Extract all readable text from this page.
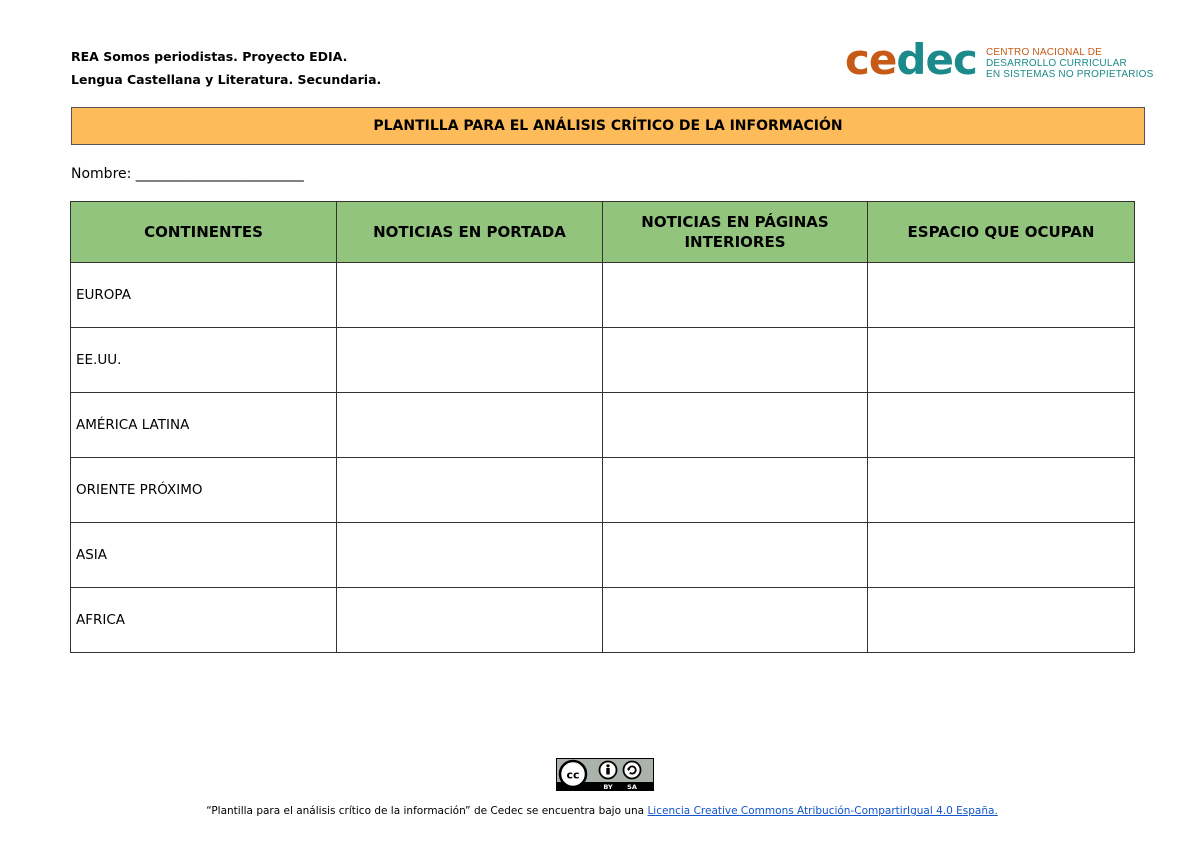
REA Somos periodistas. Proyecto EDIA.
Lengua Castellana y Literatura. Secundaria.	cedec CENTRO NACIONAL DE
DESARROLLO CURRICULAR
EN SISTEMAS NO PROPIETARIOS
PLANTILLA PARA EL ANÁLISIS CRÍTICO DE LA INFORMACIÓN
Nombre: ________________________
CONTINENTES	NOTICIAS EN PORTADA	NOTICIAS EN PÁGINAS INTERIORES	ESPACIO QUE OCUPAN
EUROPA			
EE.UU.			
AMÉRICA LATINA			
ORIENTE PRÓXIMO			
ASIA			
AFRICA			
cc
BY SA
“Plantilla para el análisis crítico de la información” de Cedec se encuentra bajo una Licencia Creative Commons Atribución-CompartirIgual 4.0 España.
